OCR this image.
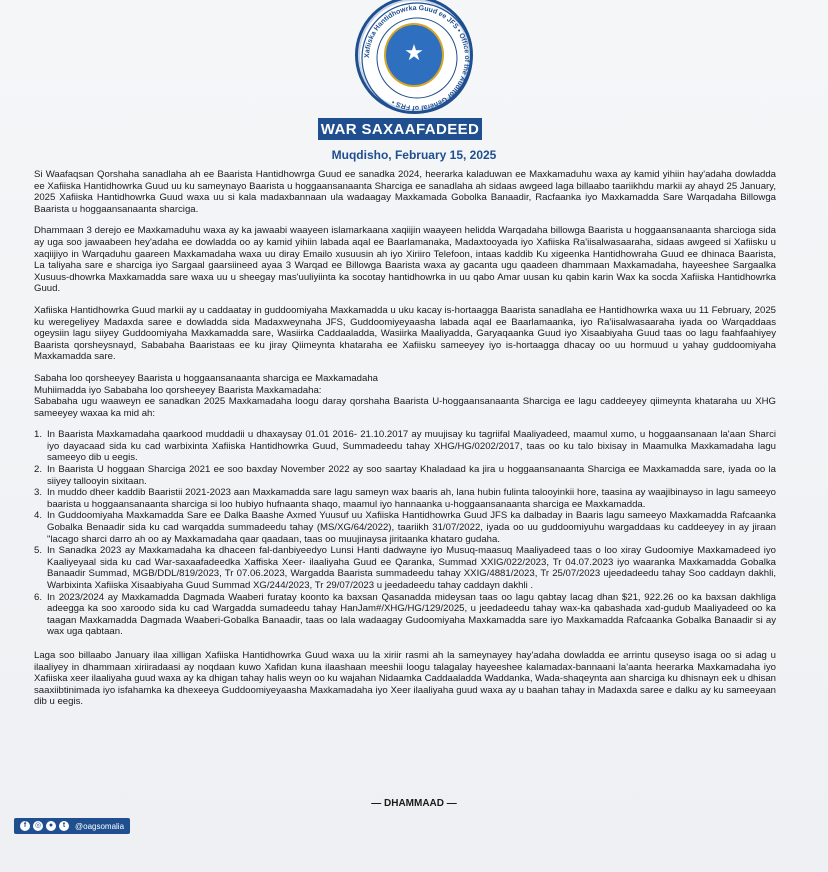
Xafiiska Hantidhowrka Guud ee JFS • Office of the Auditor General of FRS •
★
WAR SAXAAFADEED
Muqdisho, February 15, 2025

Si Waafaqsan Qorshaha sanadlaha ah ee Baarista Hantidhowrga Guud ee sanadka 2024, heerarka kaladuwan ee Maxkamaduhu waxa ay kamid yihiin hay'adaha dowladda ee Xafiiska Hantidhowrka Guud uu ku sameynayo Baarista u hoggaansanaanta Sharciga ee sanadlaha ah sidaas awgeed laga billaabo taariikhdu markii ay ahayd 25 January, 2025 Xafiiska Hantidhowrka Guud waxa uu si kala madaxbannaan ula wadaagay Maxkamada Gobolka Banaadir, Racfaanka iyo Maxkamadda Sare Warqadaha Billowga Baarista u hoggaansanaanta sharciga.

Dhammaan 3 derejo ee Maxkamaduhu waxa ay ka jawaabi waayeen islamarkaana xaqiijin waayeen helidda Warqadaha billowga Baarista u hoggaansanaanta sharcioga sida ay uga soo jawaabeen hey'adaha ee dowladda oo ay kamid yihiin labada aqal ee Baarlamanaka, Madaxtooyada iyo Xafiiska Ra'iisalwasaaraha, sidaas awgeed si Xafiisku u xaqiijiyo in Warqaduhu gaareen Maxkamadaha waxa uu diray Emailo xusuusin ah iyo Xiriiro Telefoon, intaas kaddib Ku xigeenka Hantidhowraha Guud ee dhinaca Baarista, La taliyaha sare e sharciga iyo Sargaal gaarsiineed ayaa 3 Warqad ee Billowga Baarista waxa ay gacanta ugu qaadeen dhammaan Maxkamadaha, hayeeshee Sargaalka Xusuus-dhowrka Maxkamadda sare waxa uu u sheegay mas'uuliyiinta ka socotay hantidhowrka in uu qabo Amar uusan ku qabin karin Wax ka socda Xafiiska Hantidhowrka Guud.

Xafiiska Hantidhowrka Guud markii ay u caddaatay in guddoomiyaha Maxkamadda u uku kacay is-hortaagga Baarista sanadlaha ee Hantidhowrka waxa uu 11 February, 2025 ku weregeliyey Madaxda saree e dowladda sida Madaxweynaha JFS, Guddoomiyeyaasha labada aqal ee Baarlamaanka, iyo Ra'iisalwasaaraha iyada oo Warqaddaas ogeysiin lagu siiyey Guddoomiyaha Maxkamadda sare, Wasiirka Caddaaladda, Wasiirka Maaliyadda, Garyaqaanka Guud iyo Xisaabiyaha Guud taas oo lagu faahfaahiyey Baarista qorsheysnayd, Sababaha Baaristaas ee ku jiray Qiimeynta khataraha ee Xafiisku sameeyey iyo is-hortaagga dhacay oo uu hormuud u yahay guddoomiyaha Maxkamadda sare.

Sabaha loo qorsheeyey Baarista u hoggaansanaanta sharciga ee Maxkamadaha

Muhiimadda iyo Sababaha loo qorsheeyey Baarista Maxkamadaha:

Sababaha ugu waaweyn ee sanadkan 2025 Maxkamadaha loogu daray qorshaha Baarista U-hoggaansanaanta Sharciga ee lagu caddeeyey qiimeynta khataraha uu XHG sameeyey waxaa ka mid ah:

1. In Baarista Maxkamadaha qaarkood muddadii u dhaxaysay 01.01 2016- 21.10.2017 ay muujisay ku tagriifal Maaliyadeed, maamul xumo, u hoggaansanaan la'aan Sharci iyo dayacaad sida ku cad warbixinta Xafiiska Hantidhowrka Guud, Summadeedu tahay XHG/HG/0202/2017, taas oo ku talo bixisay in Maamulka Maxkamadaha lagu sameeyo dib u eegis.
2. In Baarista U hoggaan Sharciga 2021 ee soo baxday November 2022 ay soo saartay Khaladaad ka jira u hoggaansanaanta Sharciga ee Maxkamadda sare, iyada oo la siiyey tallooyin sixitaan.
3. In muddo dheer kaddib Baaristii 2021-2023 aan Maxkamadda sare lagu sameyn wax baaris ah, lana hubin fulinta talooyinkii hore, taasina ay waajibinayso in lagu sameeyo baarista u hoggaansanaanta sharciga si loo hubiyo hufnaanta shaqo, maamul iyo hannaanka u-hoggaansanaanta sharciga ee Maxkamadda.
4. In Guddoomiyaha Maxkamadda Sare ee Dalka Baashe Axmed Yuusuf uu Xafiiska Hantidhowrka Guud JFS ka dalbaday in Baaris lagu sameeyo Maxkamadda Rafcaanka Gobalka Benaadir sida ku cad warqadda summadeedu tahay (MS/XG/64/2022), taariikh 31/07/2022, iyada oo uu guddoomiyuhu wargaddaas ku caddeeyey in ay jiraan "lacago sharci darro ah oo ay Maxkamadaha qaar qaadaan, taas oo muujinaysa jiritaanka khataro gudaha.
5. In Sanadka 2023 ay Maxkamadaha ka dhaceen fal-danbiyeedyo Lunsi Hanti dadwayne iyo Musuq-maasuq Maaliyadeed taas o loo xiray Gudoomiye Maxkamadeed iyo Kaaliyeyaal sida ku cad War-saxaafadeedka Xaffiska Xeer- ilaaliyaha Guud ee Qaranka, Summad XXIG/022/2023, Tr 04.07.2023 iyo waaranka Maxkamadda Gobalka Banaadir Summad, MGB/DDL/819/2023, Tr 07.06.2023, Wargadda Baarista summadeedu tahay XXIG/4881/2023, Tr 25/07/2023 ujeedadeedu tahay Soo caddayn dakhli, Warbixinta Xafiiska Xisaabiyaha Guud Summad XG/244/2023, Tr 29/07/2023 u jeedadeedu tahay caddayn dakhli .
6. In 2023/2024 ay Maxkamadda Dagmada Waaberi furatay koonto ka baxsan Qasanadda mideysan taas oo lagu qabtay lacag dhan $21, 922.26 oo ka baxsan dakhliga adeegga ka soo xaroodo sida ku cad Wargadda sumadeedu tahay HanJam#/XHG/HG/129/2025, u jeedadeedu tahay wax-ka qabashada xad-gudub Maaliyadeed oo ka taagan Maxkamadda Dagmada Waaberi-Gobalka Banaadir, taas oo lala wadaagay Gudoomiyaha Maxkamadda sare iyo Maxkamadda Rafcaanka Gobalka Banaadir si ay wax uga qabtaan.

Laga soo billaabo January ilaa xilligan Xafiiska Hantidhowrka Guud waxa uu la xiriir rasmi ah la sameynayey hay'adaha dowladda ee arrintu quseyso isaga oo si adag u ilaaliyey in dhammaan xiriiradaasi ay noqdaan kuwo Xafidan kuna ilaashaan meeshii loogu talagalay hayeeshee kalamadax-bannaani la'aanta heerarka Maxkamadaha iyo Xafiiska xeer ilaaliyaha guud waxa ay ka dhigan tahay halis weyn oo ku wajahan Nidaamka Caddaaladda Waddanka, Wada-shaqeynta aan sharciga ku dhisnayn eek u dhisan saaxiibtinimada iyo isfahamka ka dhexeeya Guddoomiyeyaasha Maxkamadaha iyo Xeer ilaaliyaha guud waxa ay u baahan tahay in Madaxda saree e dalku ay ku sameeyaan dib u eegis.

— DHAMMAAD —
f	◎	●	t	@oagsomalia
